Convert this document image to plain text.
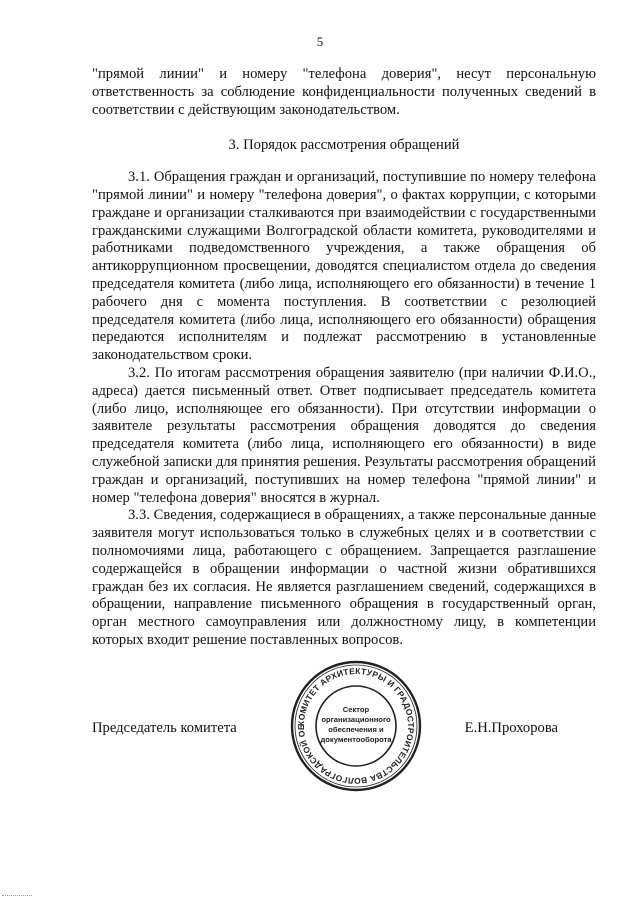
5

"прямой линии" и номеру "телефона доверия", несут персональную ответственность за соблюдение конфиденциальности полученных сведений в соответствии с действующим законодательством.

3. Порядок рассмотрения обращений

3.1. Обращения граждан и организаций, поступившие по номеру телефона "прямой линии" и номеру "телефона доверия", о фактах коррупции, с которыми граждане и организации сталкиваются при взаимодействии с государственными гражданскими служащими Волгоградской области комитета, руководителями и работниками подведомственного учреждения, а также обращения об антикоррупционном просвещении, доводятся специалистом отдела до сведения председателя комитета (либо лица, исполняющего его обязанности) в течение 1 рабочего дня с момента поступления. В соответствии с резолюцией председателя комитета (либо лица, исполняющего его обязанности) обращения передаются исполнителям и подлежат рассмотрению в установленные законодательством сроки.

3.2. По итогам рассмотрения обращения заявителю (при наличии Ф.И.О., адреса) дается письменный ответ. Ответ подписывает председатель комитета (либо лицо, исполняющее его обязанности). При отсутствии информации о заявителе результаты рассмотрения обращения доводятся до сведения председателя комитета (либо лица, исполняющего его обязанности) в виде служебной записки для принятия решения. Результаты рассмотрения обращений граждан и организаций, поступивших на номер телефона "прямой линии" и номер "телефона доверия" вносятся в журнал.

3.3. Сведения, содержащиеся в обращениях, а также персональные данные заявителя могут использоваться только в служебных целях и в соответствии с полномочиями лица, работающего с обращением. Запрещается разглашение содержащейся в обращении информации о частной жизни обратившихся граждан без их согласия. Не является разглашением сведений, содержащихся в обращении, направление письменного обращения в государственный орган, орган местного самоуправления или должностному лицу, в компетенции которых входит решение поставленных вопросов.

Председатель комитета	Е.Н.Прохорова
КОМИТЕТ АРХИТЕКТУРЫ И ГРАДОСТРОИТЕЛЬСТВА ВОЛГОГРАДСКОЙ ОБ
Сектор
организационного
обеспечения и
документооборота
